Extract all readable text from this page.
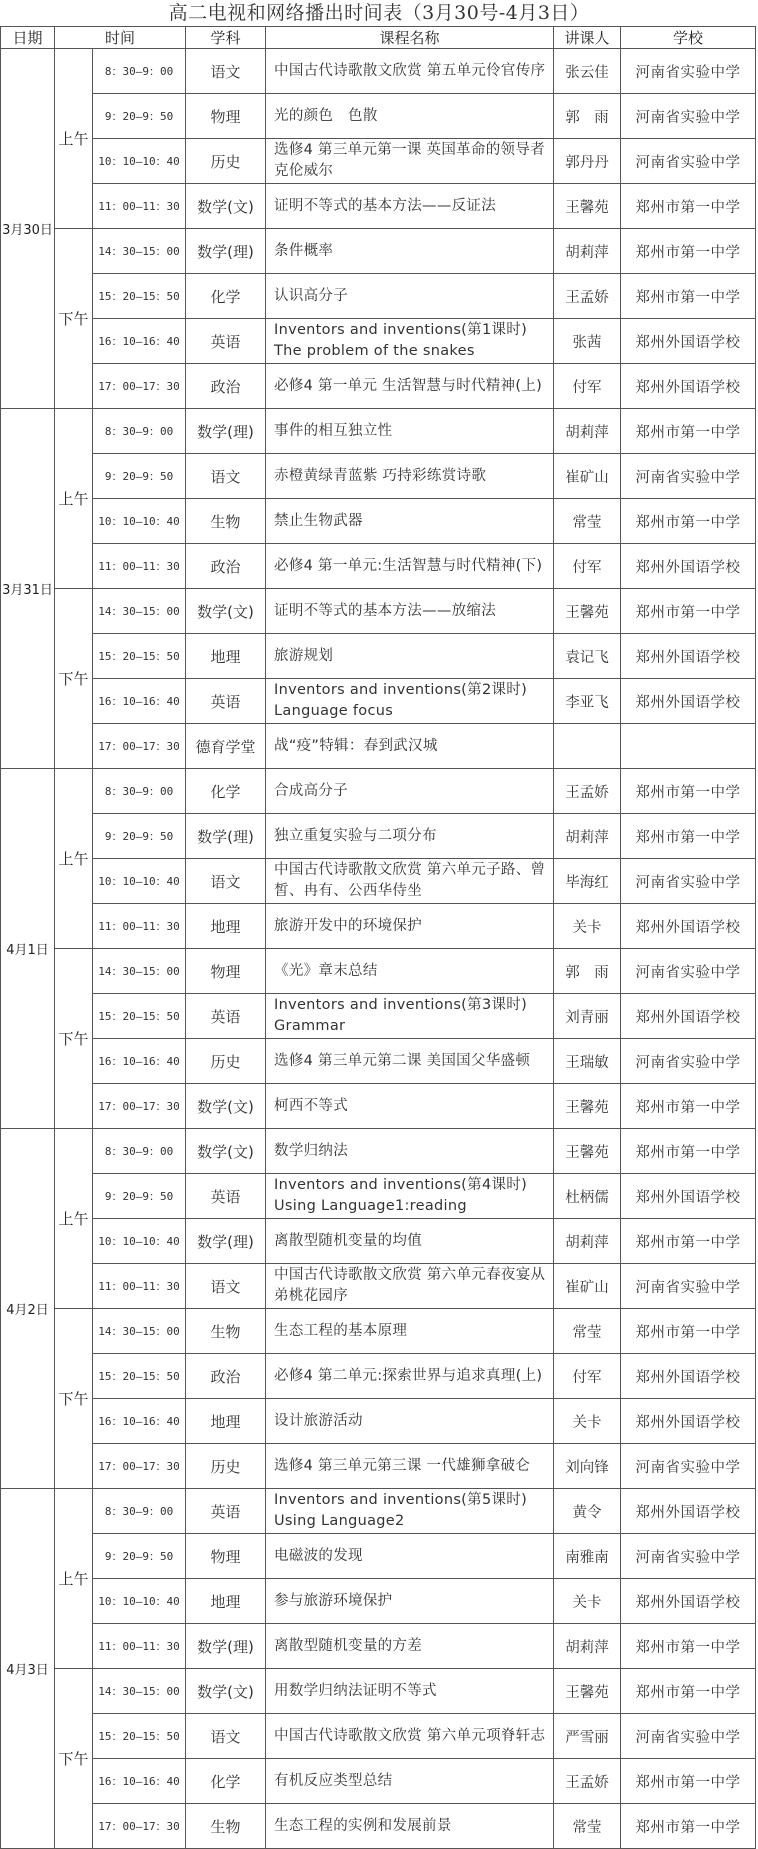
高二电视和网络播出时间表（3月30号-4月3日）
日期	时间		学科	课程名称	讲课人	学校
3月30日	上午	8：30—9：00	语文	中国古代诗歌散文欣赏 第五单元伶官传序	张云佳	河南省实验中学
		9：20—9：50	物理	光的颜色　色散	郭　雨	河南省实验中学
		10：10—10：40	历史	选修4 第三单元第一课 英国革命的领导者克伦威尔	郭丹丹	河南省实验中学
		11：00—11：30	数学(文)	证明不等式的基本方法——反证法	王馨苑	郑州市第一中学
	下午	14：30—15：00	数学(理)	条件概率	胡莉萍	郑州市第一中学
		15：20—15：50	化学	认识高分子	王孟娇	郑州市第一中学
		16：10—16：40	英语	Inventors and inventions(第1课时) The problem of the snakes	张茜	郑州外国语学校
		17：00—17：30	政治	必修4 第一单元 生活智慧与时代精神(上)	付军	郑州外国语学校
3月31日	上午	8：30—9：00	数学(理)	事件的相互独立性	胡莉萍	郑州市第一中学
		9：20—9：50	语文	赤橙黄绿青蓝紫 巧持彩练赏诗歌	崔矿山	河南省实验中学
		10：10—10：40	生物	禁止生物武器	常莹	郑州市第一中学
		11：00—11：30	政治	必修4 第一单元:生活智慧与时代精神(下)	付军	郑州外国语学校
	下午	14：30—15：00	数学(文)	证明不等式的基本方法——放缩法	王馨苑	郑州市第一中学
		15：20—15：50	地理	旅游规划	袁记飞	郑州外国语学校
		16：10—16：40	英语	Inventors and inventions(第2课时) Language focus	李亚飞	郑州外国语学校
		17：00—17：30	德育学堂	战“疫”特辑：春到武汉城		
4月1日	上午	8：30—9：00	化学	合成高分子	王孟娇	郑州市第一中学
		9：20—9：50	数学(理)	独立重复实验与二项分布	胡莉萍	郑州市第一中学
		10：10—10：40	语文	中国古代诗歌散文欣赏 第六单元子路、曾皙、冉有、公西华侍坐	毕海红	河南省实验中学
		11：00—11：30	地理	旅游开发中的环境保护	关卡	郑州外国语学校
	下午	14：30—15：00	物理	《光》章末总结	郭　雨	河南省实验中学
		15：20—15：50	英语	Inventors and inventions(第3课时) Grammar	刘青丽	郑州外国语学校
		16：10—16：40	历史	选修4 第三单元第二课 美国国父华盛顿	王瑞敏	河南省实验中学
		17：00—17：30	数学(文)	柯西不等式	王馨苑	郑州市第一中学
4月2日	上午	8：30—9：00	数学(文)	数学归纳法	王馨苑	郑州市第一中学
		9：20—9：50	英语	Inventors and inventions(第4课时) Using Language1:reading	杜柄儒	郑州外国语学校
		10：10—10：40	数学(理)	离散型随机变量的均值	胡莉萍	郑州市第一中学
		11：00—11：30	语文	中国古代诗歌散文欣赏 第六单元春夜宴从弟桃花园序	崔矿山	河南省实验中学
	下午	14：30—15：00	生物	生态工程的基本原理	常莹	郑州市第一中学
		15：20—15：50	政治	必修4 第二单元:探索世界与追求真理(上)	付军	郑州外国语学校
		16：10—16：40	地理	设计旅游活动	关卡	郑州外国语学校
		17：00—17：30	历史	选修4 第三单元第三课 一代雄狮拿破仑	刘向锋	河南省实验中学
4月3日	上午	8：30—9：00	英语	Inventors and inventions(第5课时) Using Language2	黄令	郑州外国语学校
		9：20—9：50	物理	电磁波的发现	南雅南	河南省实验中学
		10：10—10：40	地理	参与旅游环境保护	关卡	郑州外国语学校
		11：00—11：30	数学(理)	离散型随机变量的方差	胡莉萍	郑州市第一中学
	下午	14：30—15：00	数学(文)	用数学归纳法证明不等式	王馨苑	郑州市第一中学
		15：20—15：50	语文	中国古代诗歌散文欣赏 第六单元项脊轩志	严雪丽	河南省实验中学
		16：10—16：40	化学	有机反应类型总结	王孟娇	郑州市第一中学
		17：00—17：30	生物	生态工程的实例和发展前景	常莹	郑州市第一中学
